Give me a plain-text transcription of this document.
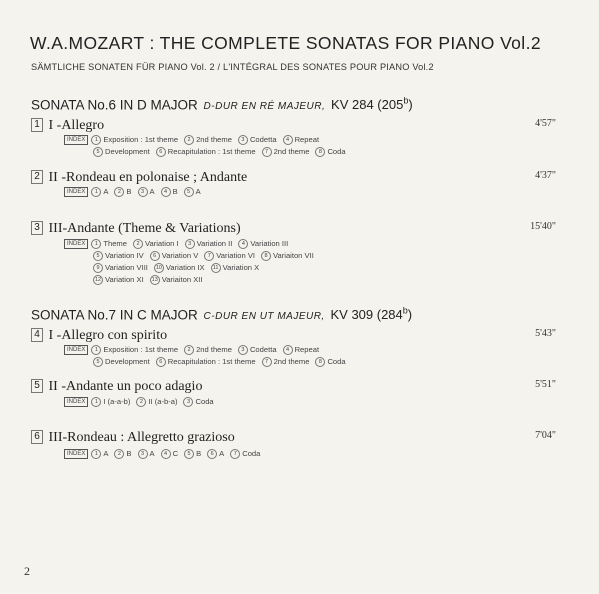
W.A.MOZART : THE COMPLETE SONATAS FOR PIANO Vol.2
SÄMTLICHE SONATEN FÜR PIANO Vol. 2 / L'INTÉGRAL DES SONATES POUR PIANO Vol.2
SONATA No.6 IN D MAJOR D-DUR EN RÉ MAJEUR, KV 284 (205$^b$)
1 I -Allegro	4'57"
INDEX 1 Exposition : 1st theme 2 2nd theme 3 Codetta 4 Repeat

5 Development 6 Recapitulation : 1st theme 7 2nd theme 8 Coda
2 II -Rondeau en polonaise ; Andante	4'37"
INDEX 1 A 2 B 3 A 4 B 5 A
3 III-Andante (Theme & Variations)	15'40"
INDEX 1 Theme 2 Variation I 3 Variation II 4 Variation III

5 Variation IV 6 Variation V 7 Variation VI 8 Variaiton VII
9 Variation VIII 10 Variation IX 11 Variation X
12 Variation XI 13 Variaiton XII
SONATA No.7 IN C MAJOR C-DUR EN UT MAJEUR, KV 309 (284$^b$)
4 I -Allegro con spirito	5'43"
INDEX 1 Exposition : 1st theme 2 2nd theme 3 Codetta 4 Repeat

5 Development 6 Recapitulation : 1st theme 7 2nd theme 8 Coda
5 II -Andante un poco adagio	5'51"
INDEX 1 I (a-a-b) 2 II (a-b-a) 3 Coda
6 III-Rondeau : Allegretto grazioso	7'04"
INDEX 1 A 2 B 3 A 4 C 5 B 6 A 7 Coda
2
